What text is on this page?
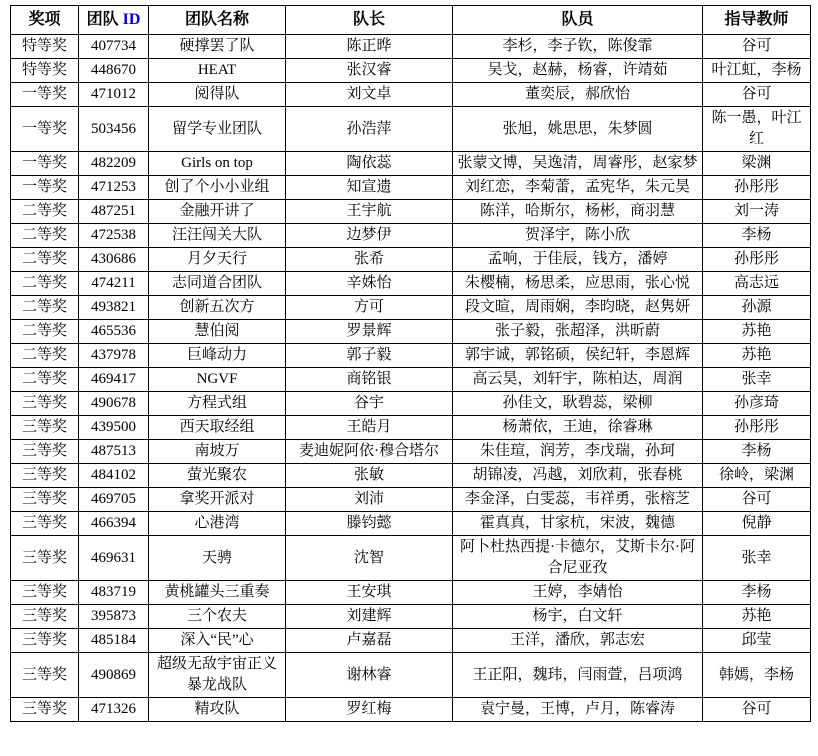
奖项	团队 ID	团队名称	队长	队员	指导教师
特等奖	407734	硬撑罢了队	陈正晔	李杉，李子钦，陈俊霏	谷可
特等奖	448670	HEAT	张汉睿	吴戈，赵赫，杨睿，许靖茹	叶江虹，李杨
一等奖	471012	阅得队	刘文卓	董奕辰，郝欣怡	谷可
一等奖	503456	留学专业团队	孙浩萍	张旭，姚思思，朱梦圆	陈一愚，叶江红
一等奖	482209	Girls on top	陶依蕊	张蒙文博，吴逸清，周睿彤，赵家梦	梁渊
一等奖	471253	创了个小小业组	知宣遗	刘红恋，李菊蕾，孟宪华，朱元昊	孙彤彤
二等奖	487251	金融开讲了	王宇航	陈洋，哈斯尔，杨彬，商羽慧	刘一涛
二等奖	472538	汪汪闯关大队	边梦伊	贺泽宇，陈小欣	李杨
二等奖	430686	月夕天行	张希	孟响，于佳辰，钱方，潘婷	孙彤彤
二等奖	474211	志同道合团队	辛姝怡	朱樱楠，杨思柔，应思雨，张心悦	高志远
二等奖	493821	创新五次方	方可	段文暄，周雨娴，李昀晓，赵隽妍	孙源
二等奖	465536	慧伯阅	罗景辉	张子毅，张超泽，洪昕蔚	苏艳
二等奖	437978	巨峰动力	郭子毅	郭宇诚，郭铭硕，侯纪轩，李恩辉	苏艳
二等奖	469417	NGVF	商铭银	高云昊，刘轩宇，陈柏达，周润	张幸
三等奖	490678	方程式组	谷宇	孙佳文，耿碧蕊，梁柳	孙彦琦
三等奖	439500	西天取经组	王皓月	杨萧依，王迪，徐睿琳	孙彤彤
三等奖	487513	南坡万	麦迪妮阿依·穆合塔尔	朱佳瑄，润芳，李戊瑞，孙珂	李杨
三等奖	484102	萤光聚农	张敏	胡锦凌，冯越，刘欣莉，张春桃	徐岭，梁渊
三等奖	469705	拿奖开派对	刘沛	李金泽，白雯蕊，韦祥勇，张榕芝	谷可
三等奖	466394	心港湾	滕钧懿	霍真真，甘家杭，宋波，魏德	倪静
三等奖	469631	天骋	沈智	阿卜杜热西提·卡德尔，艾斯卡尔·阿合尼亚孜	张幸
三等奖	483719	黄桃罐头三重奏	王安琪	王婷，李婧怡	李杨
三等奖	395873	三个农夫	刘建辉	杨宇，白文轩	苏艳
三等奖	485184	深入“民”心	卢嘉磊	王洋，潘欣，郭志宏	邱莹
三等奖	490869	超级无敌宇宙正义暴龙战队	谢林睿	王正阳，魏玮，闫雨萱，吕项鸿	韩嫣，李杨
三等奖	471326	精攻队	罗红梅	袁宁曼，王博，卢月，陈睿涛	谷可
